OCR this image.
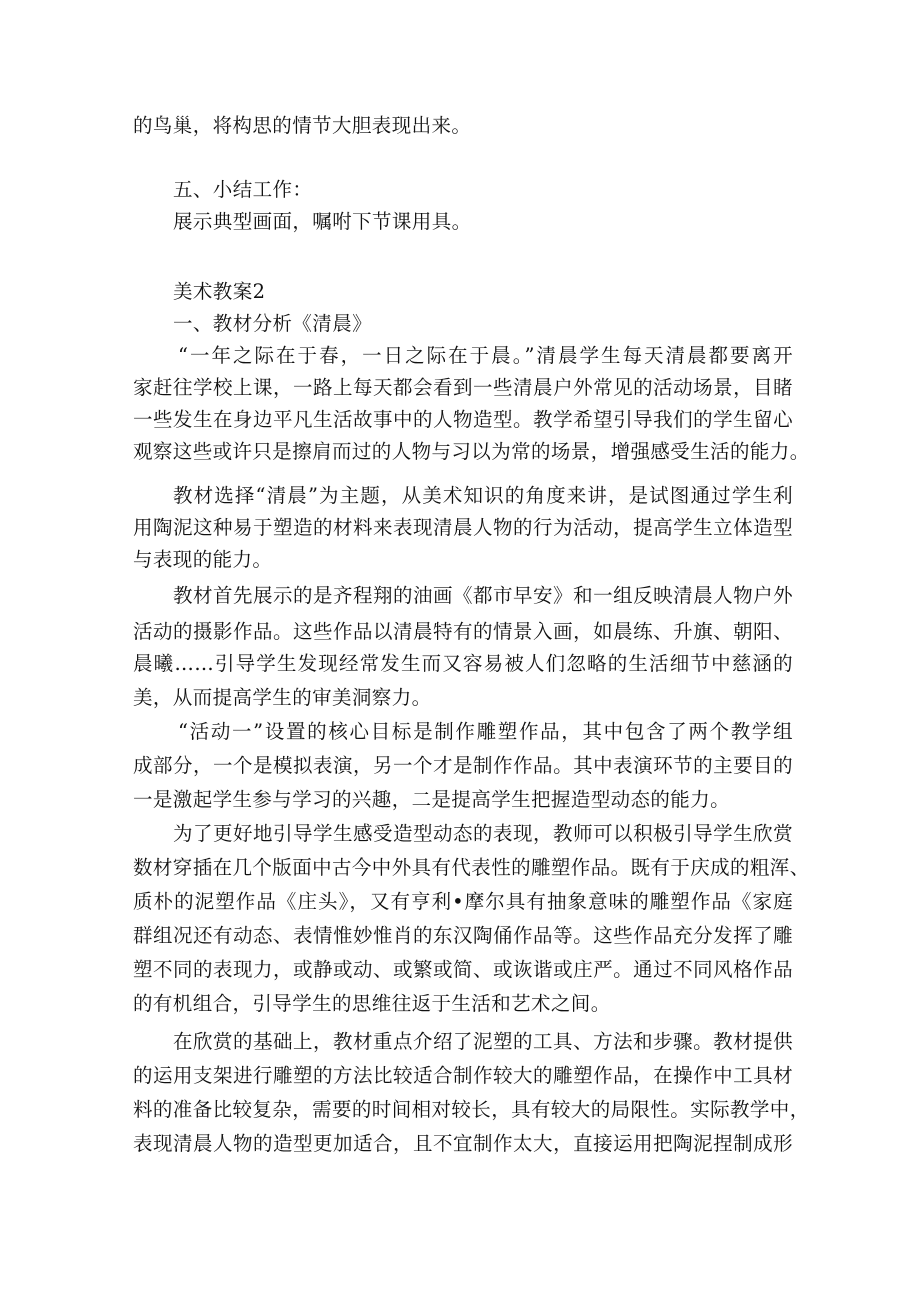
的鸟巢，将构思的情节大胆表现出来。
五、小结工作：
展示典型画面，嘱咐下节课用具。
美术教案2
一、教材分析《清晨》
“一年之际在于春，一日之际在于晨。”清晨学生每天清晨都要离开
家赶往学校上课，一路上每天都会看到一些清晨户外常见的活动场景，目睹
一些发生在身边平凡生活故事中的人物造型。教学希望引导我们的学生留心
观察这些或许只是擦肩而过的人物与习以为常的场景，增强感受生活的能力。
教材选择“清晨”为主题，从美术知识的角度来讲，是试图通过学生利
用陶泥这种易于塑造的材料来表现清晨人物的行为活动，提高学生立体造型
与表现的能力。
教材首先展示的是齐程翔的油画《都市早安》和一组反映清晨人物户外
活动的摄影作品。这些作品以清晨特有的情景入画，如晨练、升旗、朝阳、
晨曦……引导学生发现经常发生而又容易被人们忽略的生活细节中慈涵的
美，从而提高学生的审美洞察力。
“活动一”设置的核心目标是制作雕塑作品，其中包含了两个教学组
成部分，一个是模拟表演，另一个才是制作作品。其中表演环节的主要目的
一是激起学生参与学习的兴趣，二是提高学生把握造型动态的能力。
为了更好地引导学生感受造型动态的表现，教师可以积极引导学生欣赏
数材穿插在几个版面中古今中外具有代表性的雕塑作品。既有于庆成的粗浑、
质朴的泥塑作品《庄头》，又有亨利•摩尔具有抽象意味的雕塑作品《家庭
群组况还有动态、表情惟妙惟肖的东汉陶俑作品等。这些作品充分发挥了雕
塑不同的表现力，或静或动、或繁或简、或诙谐或庄严。通过不同风格作品
的有机组合，引导学生的思维往返于生活和艺术之间。
在欣赏的基础上，教材重点介绍了泥塑的工具、方法和步骤。教材提供
的运用支架进行雕塑的方法比较适合制作较大的雕塑作品，在操作中工具材
料的准备比较复杂，需要的时间相对较长，具有较大的局限性。实际教学中，
表现清晨人物的造型更加适合，且不宜制作太大，直接运用把陶泥捏制成形
